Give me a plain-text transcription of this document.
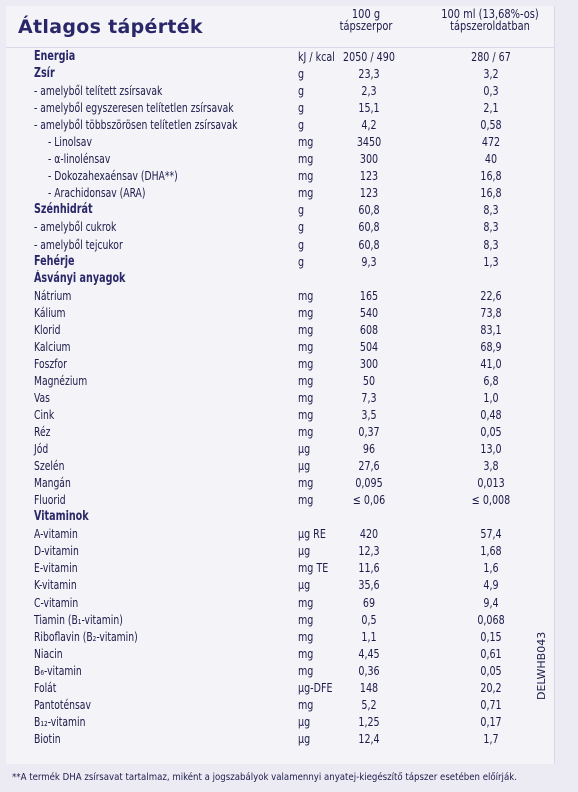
Átlagos tápérték
100 g
tápszerpor
100 ml (13,68%-os)
tápszeroldatban
Energia	kJ / kcal 2050 / 490	280 / 67
Zsír	g	23,3	3,2
- amelyből telített zsírsavak	g	2,3	0,3
- amelyből egyszeresen telítetlen zsírsavak	g	15,1	2,1
- amelyből többszörösen telítetlen zsírsavak	g	4,2	0,58
- Linolsav	mg	3450	472
- α-linolénsav	mg	300	40
- Dokozahexaénsav (DHA**)	mg	123	16,8
- Arachidonsav (ARA)	mg	123	16,8
Szénhidrát	g	60,8	8,3
- amelyből cukrok	g	60,8	8,3
- amelyből tejcukor	g	60,8	8,3
Fehérje	g	9,3	1,3
Ásványi anyagok
Nátrium	mg	165	22,6
Kálium	mg	540	73,8
Klorid	mg	608	83,1
Kalcium	mg	504	68,9
Foszfor	mg	300	41,0
Magnézium	mg	50	6,8
Vas	mg	7,3	1,0
Cink	mg	3,5	0,48
Réz	mg	0,37	0,05
Jód	µg	96	13,0
Szelén	µg	27,6	3,8
Mangán	mg	0,095	0,013
Fluorid	mg	≤ 0,06	≤ 0,008
Vitaminok
A-vitamin	µg RE	420	57,4
D-vitamin	µg	12,3	1,68
E-vitamin	mg TE	11,6	1,6
K-vitamin	µg	35,6	4,9
C-vitamin	mg	69	9,4
Tiamin (B₁-vitamin)	mg	0,5	0,068
Riboflavin (B₂-vitamin)	mg	1,1	0,15
Niacin	mg	4,45	0,61
B₆-vitamin	mg	0,36	0,05
Folát	µg-DFE	148	20,2
Pantoténsav	mg	5,2	0,71
B₁₂-vitamin	µg	1,25	0,17
Biotin	µg	12,4	1,7
DELWHB043
**A termék DHA zsírsavat tartalmaz, miként a jogszabályok valamennyi anyatej-kiegészítő tápszer esetében előírják.
